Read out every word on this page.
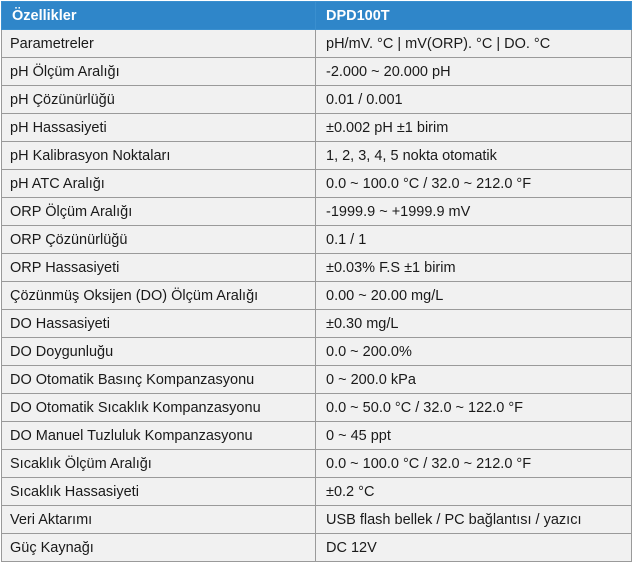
Özellikler	DPD100T
Parametreler	pH/mV. °C | mV(ORP). °C | DO. °C
pH Ölçüm Aralığı	-2.000 ~ 20.000 pH
pH Çözünürlüğü	0.01 / 0.001
pH Hassasiyeti	±0.002 pH ±1 birim
pH Kalibrasyon Noktaları	1, 2, 3, 4, 5 nokta otomatik
pH ATC Aralığı	0.0 ~ 100.0 °C / 32.0 ~ 212.0 °F
ORP Ölçüm Aralığı	-1999.9 ~ +1999.9 mV
ORP Çözünürlüğü	0.1 / 1
ORP Hassasiyeti	±0.03% F.S ±1 birim
Çözünmüş Oksijen (DO) Ölçüm Aralığı	0.00 ~ 20.00 mg/L
DO Hassasiyeti	±0.30 mg/L
DO Doygunluğu	0.0 ~ 200.0%
DO Otomatik Basınç Kompanzasyonu	0 ~ 200.0 kPa
DO Otomatik Sıcaklık Kompanzasyonu	0.0 ~ 50.0 °C / 32.0 ~ 122.0 °F
DO Manuel Tuzluluk Kompanzasyonu	0 ~ 45 ppt
Sıcaklık Ölçüm Aralığı	0.0 ~ 100.0 °C / 32.0 ~ 212.0 °F
Sıcaklık Hassasiyeti	±0.2 °C
Veri Aktarımı	USB flash bellek / PC bağlantısı / yazıcı
Güç Kaynağı	DC 12V
